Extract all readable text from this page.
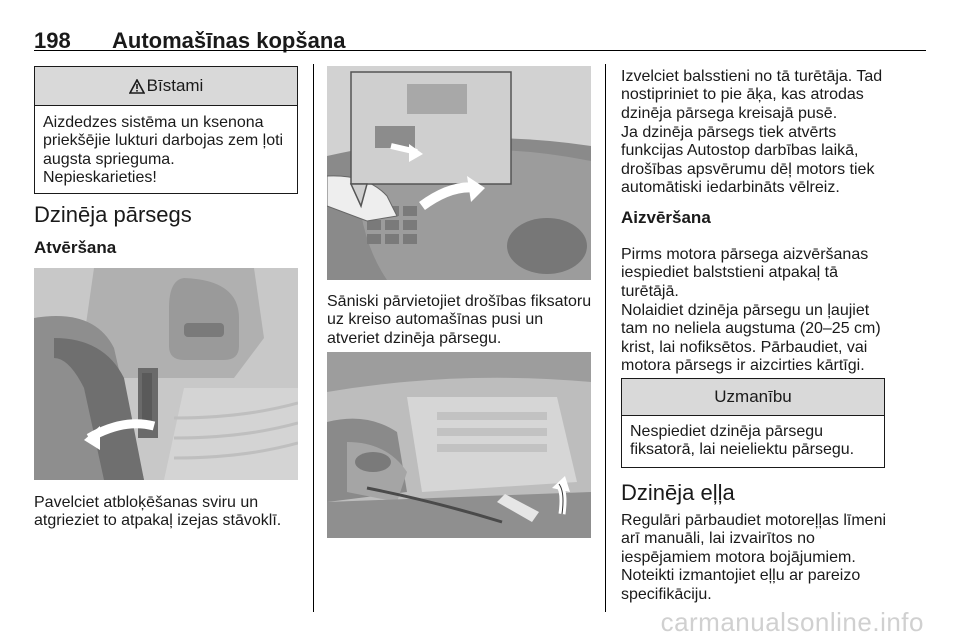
198 Automašīnas kopšana
Bīstami
Aizdedzes sistēma un ksenona
priekšējie lukturi darbojas zem ļoti
augsta sprieguma.
Nepieskarieties!
Dzinēja pārsegs
Atvēršana
Pavelciet atbloķēšanas sviru un
atgrieziet to atpakaļ izejas stāvoklī.
Sāniski pārvietojiet drošības fiksatoru
uz kreiso automašīnas pusi un
atveriet dzinēja pārsegu.
Izvelciet balsstieni no tā turētāja. Tad
nostipriniet to pie āķa, kas atrodas
dzinēja pārsega kreisajā pusē.
Ja dzinēja pārsegs tiek atvērts
funkcijas Autostop darbības laikā,
drošības apsvērumu dēļ motors tiek
automātiski iedarbināts vēlreiz.
Aizvēršana
Pirms motora pārsega aizvēršanas
iespiediet balststieni atpakaļ tā
turētājā.
Nolaidiet dzinēja pārsegu un ļaujiet
tam no neliela augstuma (20–25 cm)
krist, lai nofiksētos. Pārbaudiet, vai
motora pārsegs ir aizcirties kārtīgi.
Uzmanību
Nespiediet dzinēja pārsegu
fiksatorā, lai neieliektu pārsegu.
Dzinēja eļļa
Regulāri pārbaudiet motoreļļas līmeni
arī manuāli, lai izvairītos no
iespējamiem motora bojājumiem.
Noteikti izmantojiet eļļu ar pareizo
specifikāciju.
carmanualsonline.info
